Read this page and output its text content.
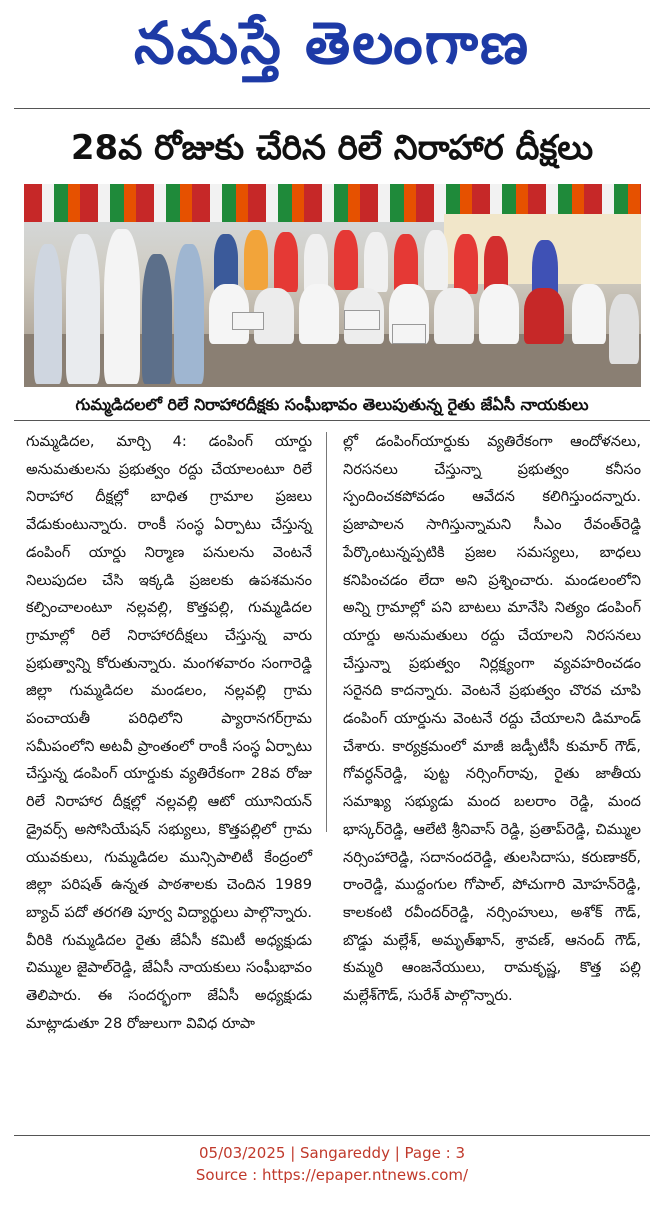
నమస్తే తెలంగాణ
28వ రోజుకు చేరిన రిలే నిరాహార దీక్షలు
గుమ్మడిదలలో రిలే నిరాహారదీక్షకు సంఘీభావం తెలుపుతున్న రైతు జేఏసీ నాయకులు

గుమ్మడిదల, మార్చి 4: డంపింగ్ యార్డు అనుమతులను ప్రభుత్వం రద్దు చేయాలంటూ రిలే నిరాహార దీక్షల్లో బాధిత గ్రామాల ప్రజలు వేడుకుంటున్నారు. రాంకీ సంస్థ ఏర్పాటు చేస్తున్న డంపింగ్ యార్డు నిర్మాణ పనులను వెంటనే నిలుపుదల చేసి ఇక్కడి ప్రజలకు ఉపశమనం కల్పించాలంటూ నల్లవల్లి, కొత్తపల్లి, గుమ్మడిదల గ్రామాల్లో రిలే నిరాహారదీక్షలు చేస్తున్న వారు ప్రభుత్వాన్ని కోరుతున్నారు. మంగళవారం సంగారెడ్డి జిల్లా గుమ్మడిదల మండలం, నల్లవల్లి గ్రామ పంచాయతీ పరిధిలోని ప్యారానగర్‌గ్రామ సమీపంలోని అటవీ ప్రాంతంలో రాంకీ సంస్థ ఏర్పాటు చేస్తున్న డంపింగ్ యార్డుకు వ్యతిరేకంగా 28వ రోజు రిలే నిరాహార దీక్షల్లో నల్లవల్లి ఆటో యూనియన్ డ్రైవర్స్ అసోసియేషన్ సభ్యులు, కొత్తపల్లిలో గ్రామ యువకులు, గుమ్మడిదల మున్సిపాలిటీ కేంద్రంలో జిల్లా పరిషత్ ఉన్నత పాఠశాలకు చెందిన 1989 బ్యాచ్ పదో తరగతి పూర్వ విద్యార్థులు పాల్గొన్నారు. వీరికి గుమ్మడిదల రైతు జేఏసీ కమిటీ అధ్యక్షుడు చిమ్ముల జైపాల్‌రెడ్డి, జేఏసీ నాయకులు సంఘీభావం తెలిపారు. ఈ సందర్భంగా జేఏసీ అధ్యక్షుడు మాట్లాడుతూ 28 రోజులుగా వివిధ రూపా

ల్లో డంపింగ్‌యార్డుకు వ్యతిరేకంగా ఆందోళనలు, నిరసనలు చేస్తున్నా ప్రభుత్వం కనీసం స్పందించకపోవడం ఆవేదన కలిగిస్తుందన్నారు. ప్రజాపాలన సాగిస్తున్నామని సీఎం రేవంత్‌రెడ్డి పేర్కొంటున్నప్పటికి ప్రజల సమస్యలు, బాధలు కనిపించడం లేదా అని ప్రశ్నించారు. మండలంలోని అన్ని గ్రామాల్లో పని బాటలు మానేసి నిత్యం డంపింగ్ యార్డు అనుమతులు రద్దు చేయాలని నిరసనలు చేస్తున్నా ప్రభుత్వం నిర్లక్ష్యంగా వ్యవహరించడం సరైనది కాదన్నారు. వెంటనే ప్రభుత్వం చొరవ చూపి డంపింగ్ యార్డును వెంటనే రద్దు చేయాలని డిమాండ్ చేశారు. కార్యక్రమంలో మాజీ జడ్పీటీసీ కుమార్ గౌడ్, గోవర్ధన్‌రెడ్డి, పుట్ట నర్సింగ్‌రావు, రైతు జాతీయ సమాఖ్య సభ్యుడు మంద బలరాం రెడ్డి, మంద భాస్కర్‌రెడ్డి, ఆలేటి శ్రీనివాస్ రెడ్డి, ప్రతాప్‌రెడ్డి, చిమ్ముల నర్సింహారెడ్డి, సదానందరెడ్డి, తులసిదాసు, కరుణాకర్, రాంరెడ్డి, ముద్దంగుల గోపాల్, పోచుగారి మోహన్‌రెడ్డి, కాలకంటి రవీందర్‌రెడ్డి, నర్సింహులు, అశోక్ గౌడ్, బొడ్డు మల్లేశ్, అమృత్‌ఖాన్, శ్రావణ్, ఆనంద్ గౌడ్, కుమ్మరి ఆంజనేయులు, రామకృష్ణ, కొత్త పల్లి మల్లేశ్‌గౌడ్, సురేశ్ పాల్గొన్నారు.

05/03/2025 | Sangareddy | Page : 3
Source : https://epaper.ntnews.com/
